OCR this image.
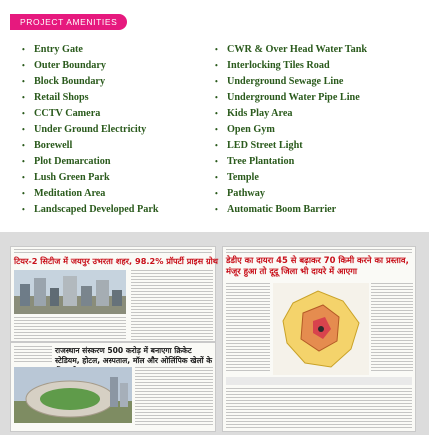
PROJECT AMENITIES
• Entry Gate
• Outer Boundary
• Block Boundary
• Retail Shops
• CCTV Camera
• Under Ground Electricity
• Borewell
• Plot Demarcation
• Lush Green Park
• Meditation Area
• Landscaped Developed Park
• CWR & Over Head Water Tank
• Interlocking Tiles Road
• Underground Sewage Line
• Underground Water Pipe Line
• Kids Play Area
• Open Gym
• LED Street Light
• Tree Plantation
• Temple
• Pathway
• Automatic Boom Barrier
टियर-2 सिटीज में जयपुर उभरता शहर, 98.2% प्रॉपर्टी प्राइस ग्रोथ डेडीए का दायरा 45 से बढ़ाकर 70 किमी करने का प्रस्ताव, मंजूर हुआ तो दूदू जिला भी दायरे में आएगा
राजस्थान संस्करण 500 करोड़ में बनाएगा क्रिकेट स्टेडियम, होटल, अस्पताल, मॉल और ओलिंपिक खेलों के
